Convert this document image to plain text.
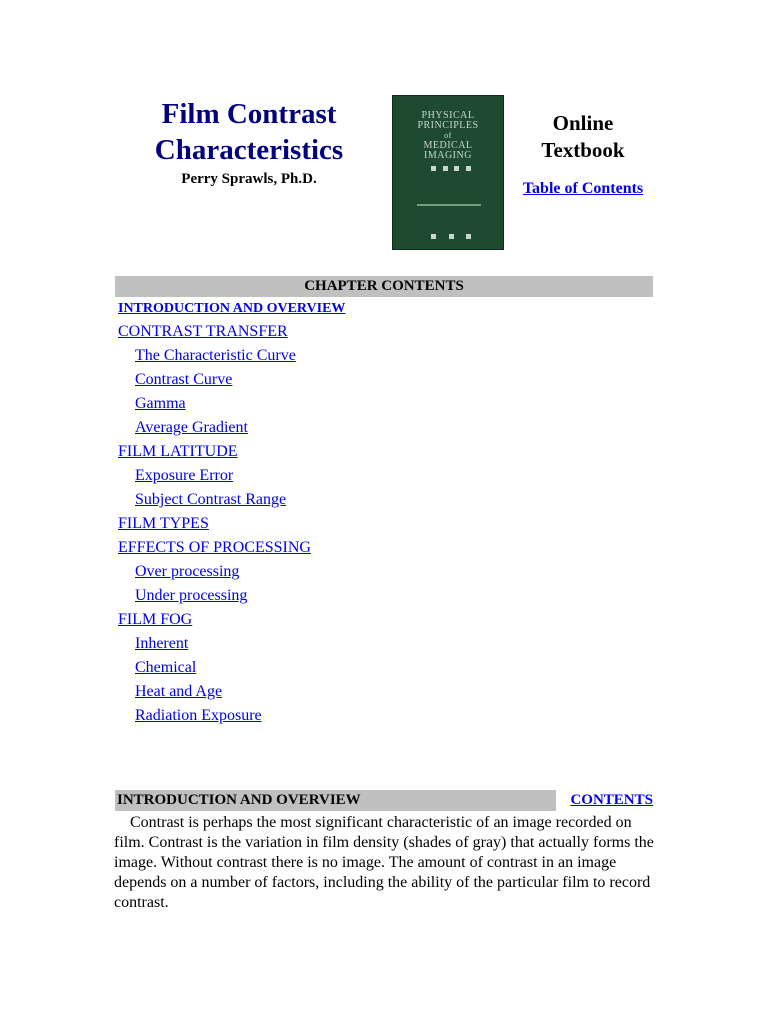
Film Contrast
Characteristics
Perry Sprawls, Ph.D.
PHYSICAL
PRINCIPLES
of
MEDICAL
IMAGING
Online
Textbook
Table of Contents
CHAPTER CONTENTS
INTRODUCTION AND OVERVIEW
CONTRAST TRANSFER
The Characteristic Curve
Contrast Curve
Gamma
Average Gradient
FILM LATITUDE
Exposure Error
Subject Contrast Range
FILM TYPES
EFFECTS OF PROCESSING
Over processing
Under processing
FILM FOG
Inherent
Chemical
Heat and Age
Radiation Exposure
INTRODUCTION AND OVERVIEW	CONTENTS
Contrast is perhaps the most significant characteristic of an image recorded on film. Contrast is the variation in film density (shades of gray) that actually forms the image. Without contrast there is no image. The amount of contrast in an image depends on a number of factors, including the ability of the particular film to record contrast.
